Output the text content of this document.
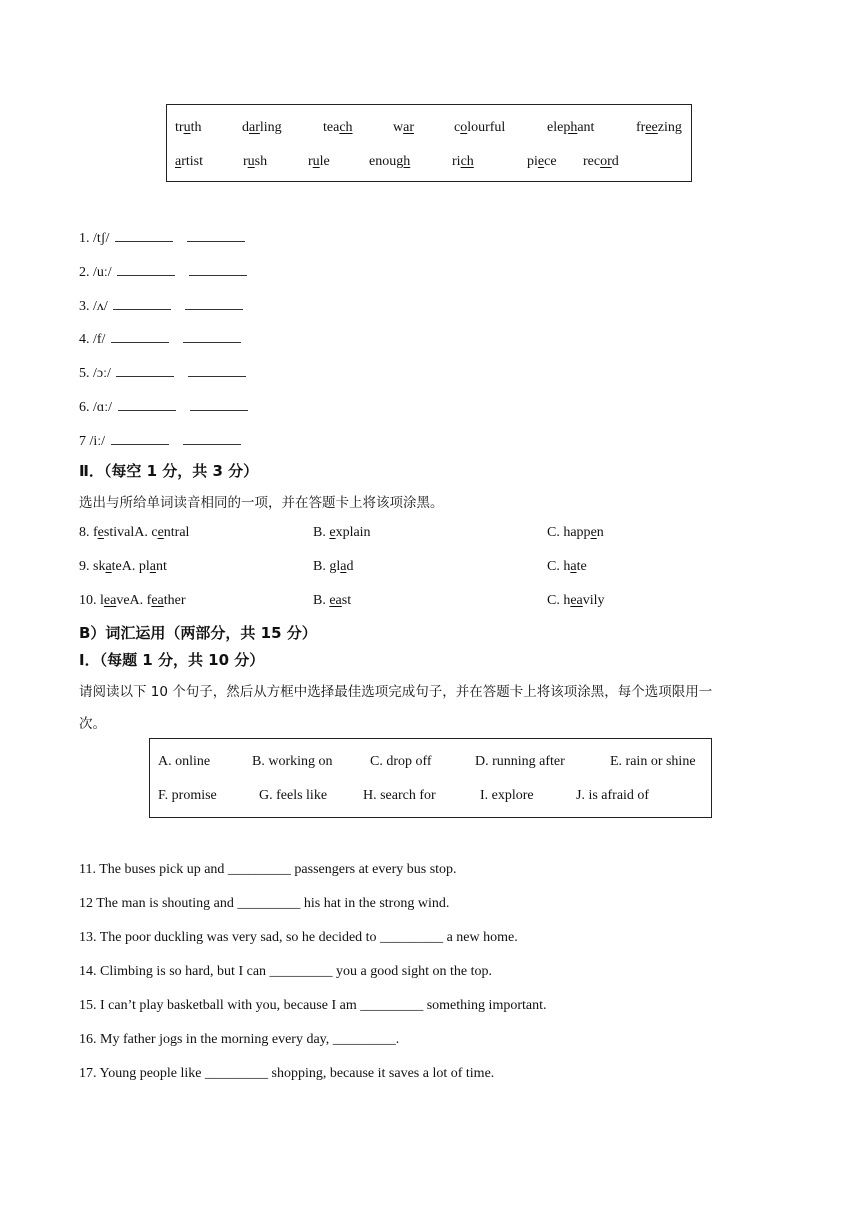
truth	darling	teach	war	colourful	elephant	freezing
artist	rush	rule	enough	rich	piece record
1. /tʃ/
2. /uː/
3. /ʌ/
4. /f/
5. /ɔː/
6. /ɑː/
7 /iː/
Ⅱ．（每空 1 分，共 3 分）
选出与所给单词读音相同的一项，并在答题卡上将该项涂黑。
8. festivalA. central	B. explain	C. happen
9. skateA. plant	B. glad	C. hate
10. leaveA. feather	B. east	C. heavily
B）词汇运用（两部分，共 15 分）
Ⅰ．（每题 1 分，共 10 分）
请阅读以下 10 个句子，然后从方框中选择最佳选项完成句子，并在答题卡上将该项涂黑，每个选项限用一
次。
A. online	B. working on	C. drop off	D. running after	E. rain or shine
F. promise	G. feels like	H. search for	I. explore	J. is afraid of
11. The buses pick up and _________ passengers at every bus stop.
12 The man is shouting and _________ his hat in the strong wind.
13. The poor duckling was very sad, so he decided to _________ a new home.
14. Climbing is so hard, but I can _________ you a good sight on the top.
15. I can’t play basketball with you, because I am _________ something important.
16. My father jogs in the morning every day, _________.
17. Young people like _________ shopping, because it saves a lot of time.
